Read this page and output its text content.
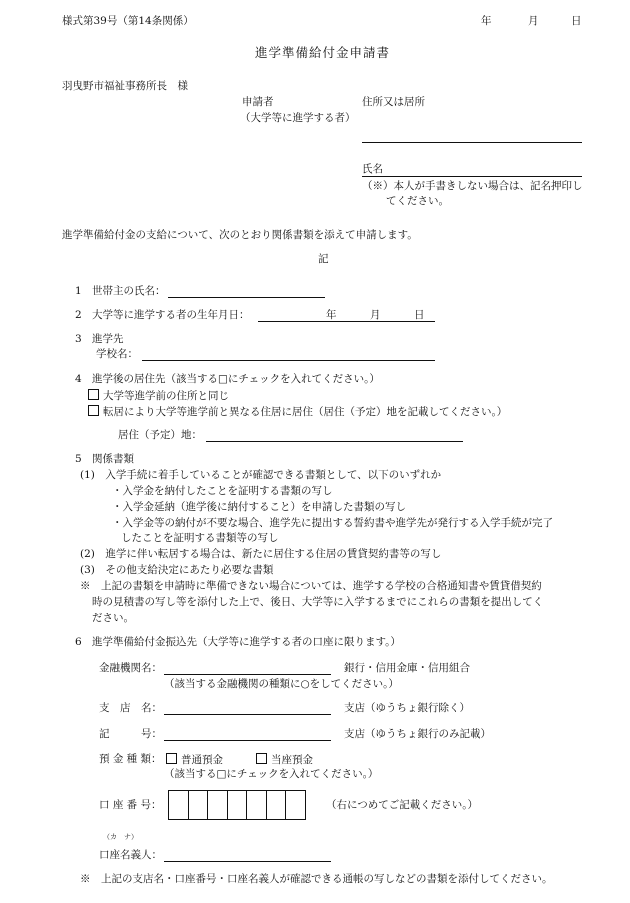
様式第39号（第14条関係）	年	月	日
進学準備給付金申請書
羽曳野市福祉事務所長　様
申請者
（大学等に進学する者）
住所又は居所
氏名
（※）本人が手書きしない場合は、記名押印し
てください。
進学準備給付金の支給について、次のとおり関係書類を添えて申請します。
記
1 世帯主の氏名：
2 大学等に進学する者の生年月日：	年	月	日
3 進学先
学校名：
4 進学後の居住先（該当する□にチェックを入れてください。）
大学等進学前の住所と同じ
転居により大学等進学前と異なる住居に居住（居住（予定）地を記載してください。）
居住（予定）地：
5 関係書類
(1)　入学手続に着手していることが確認できる書類として、以下のいずれか
・入学金を納付したことを証明する書類の写し
・入学金延納（進学後に納付すること）を申請した書類の写し
・入学金等の納付が不要な場合、進学先に提出する誓約書や進学先が発行する入学手続が完了
したことを証明する書類等の写し
(2)　進学に伴い転居する場合は、新たに居住する住居の賃貸契約書等の写し
(3)　その他支給決定にあたり必要な書類
※　上記の書類を申請時に準備できない場合については、進学する学校の合格通知書や賃貸借契約
時の見積書の写し等を添付した上で、後日、大学等に入学するまでにこれらの書類を提出してく
ださい。
6 進学準備給付金振込先（大学等に進学する者の口座に限ります。）
金融機関名：	銀行・信用金庫・信用組合
（該当する金融機関の種類に○をしてください。）
支　店　名：	支店（ゆうちょ銀行除く）
記　　　号：	支店（ゆうちょ銀行のみ記載）
預 金 種 類：	普通預金	当座預金
（該当する□にチェックを入れてください。）
口 座 番 号：	（右につめてご記載ください。）
（カ　ナ）
口座名義人：
※　上記の支店名・口座番号・口座名義人が確認できる通帳の写しなどの書類を添付してください。
